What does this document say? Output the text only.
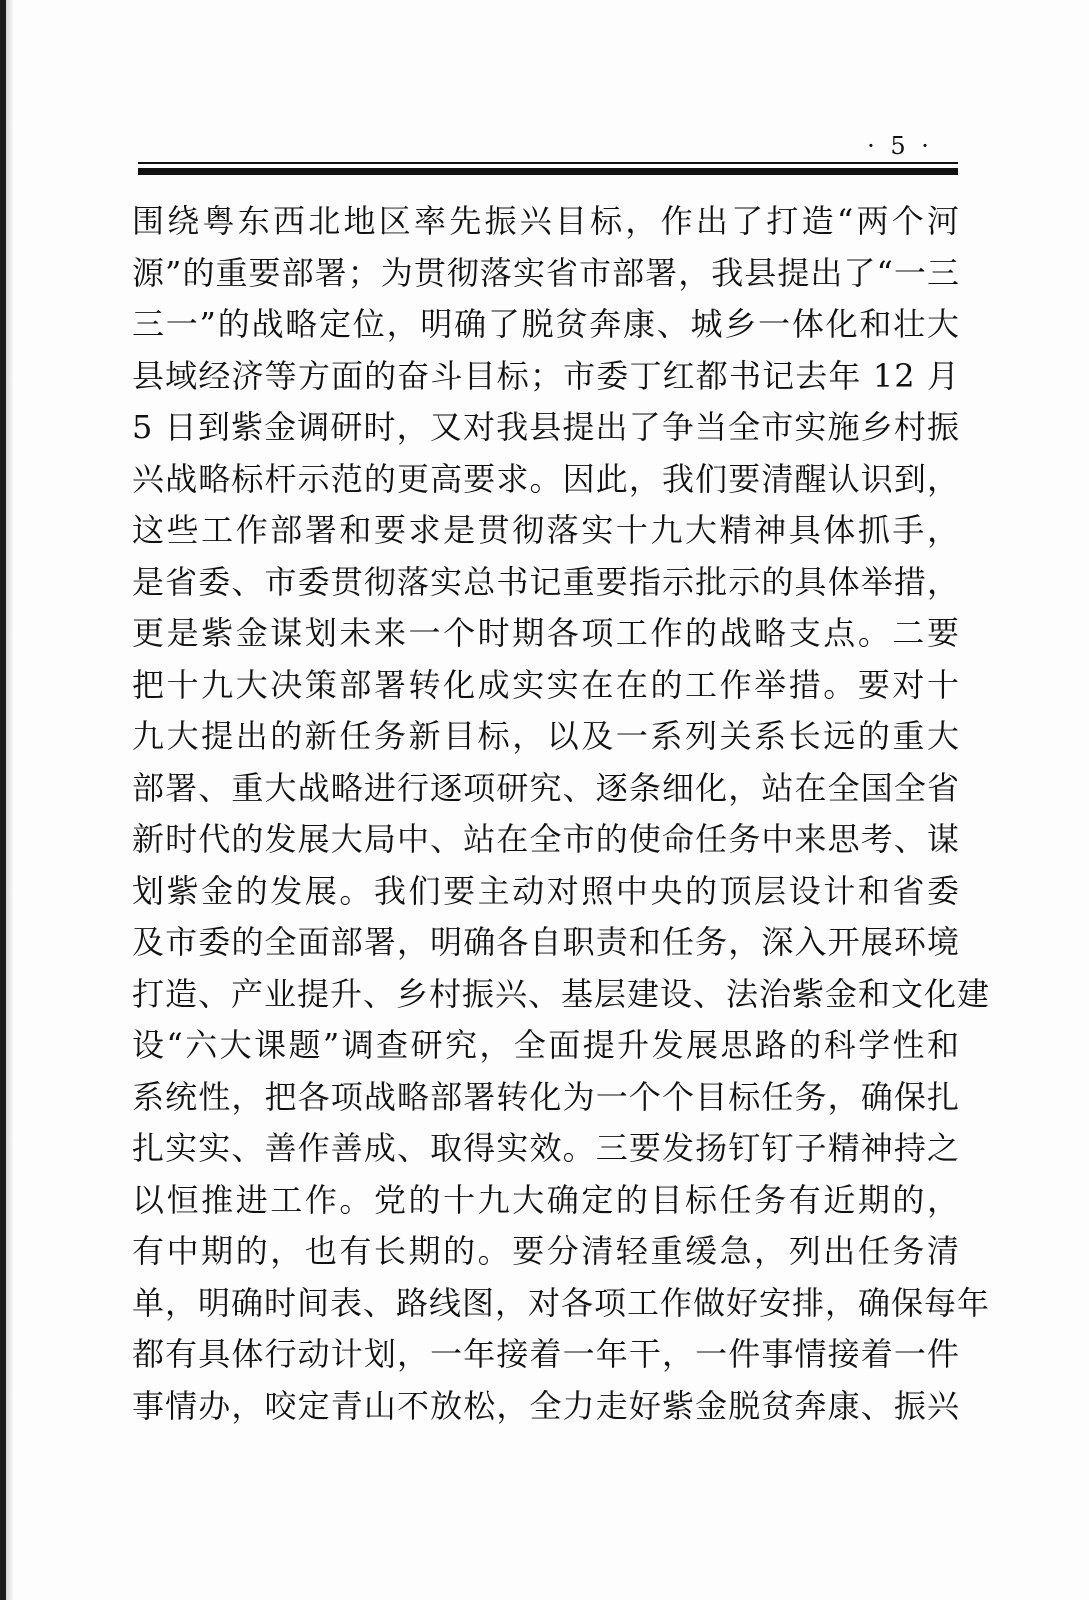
· 5 ·
围绕粤东西北地区率先振兴目标，作出了打造“两个河
源”的重要部署；为贯彻落实省市部署，我县提出了“一三
三一”的战略定位，明确了脱贫奔康、城乡一体化和壮大
县域经济等方面的奋斗目标；市委丁红都书记去年 12 月
5 日到紫金调研时，又对我县提出了争当全市实施乡村振
兴战略标杆示范的更高要求。因此，我们要清醒认识到，
这些工作部署和要求是贯彻落实十九大精神具体抓手，
是省委、市委贯彻落实总书记重要指示批示的具体举措，
更是紫金谋划未来一个时期各项工作的战略支点。二要
把十九大决策部署转化成实实在在的工作举措。要对十
九大提出的新任务新目标，以及一系列关系长远的重大
部署、重大战略进行逐项研究、逐条细化，站在全国全省
新时代的发展大局中、站在全市的使命任务中来思考、谋
划紫金的发展。我们要主动对照中央的顶层设计和省委
及市委的全面部署，明确各自职责和任务，深入开展环境
打造、产业提升、乡村振兴、基层建设、法治紫金和文化建
设“六大课题”调查研究，全面提升发展思路的科学性和
系统性，把各项战略部署转化为一个个目标任务，确保扎
扎实实、善作善成、取得实效。三要发扬钉钉子精神持之
以恒推进工作。党的十九大确定的目标任务有近期的，
有中期的，也有长期的。要分清轻重缓急，列出任务清
单，明确时间表、路线图，对各项工作做好安排，确保每年
都有具体行动计划，一年接着一年干，一件事情接着一件
事情办，咬定青山不放松，全力走好紫金脱贫奔康、振兴
